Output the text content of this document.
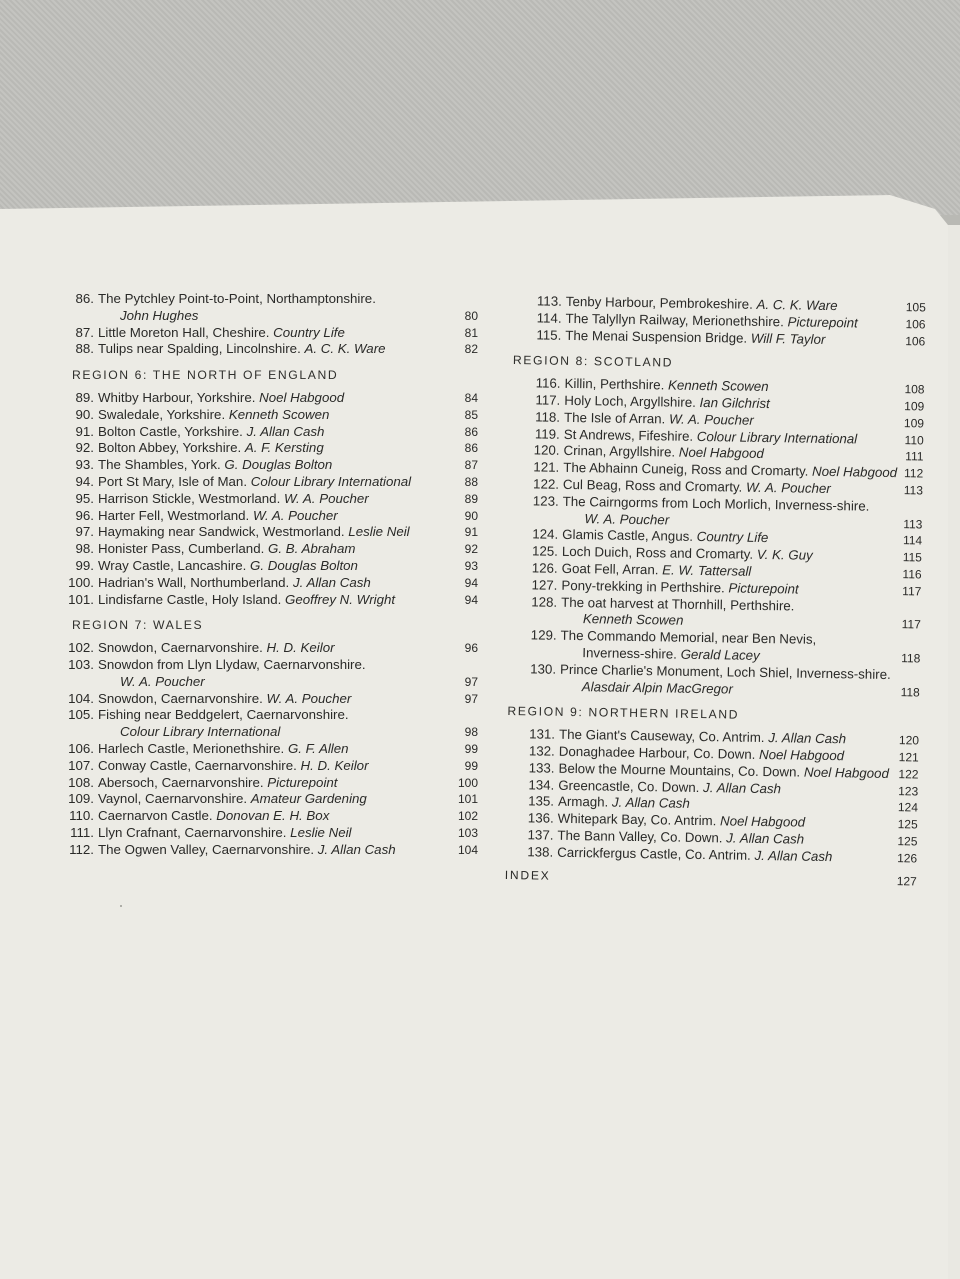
86. The Pytchley Point-to-Point, Northamptonshire.
John Hughes	80
87. Little Moreton Hall, Cheshire. Country Life	81
88. Tulips near Spalding, Lincolnshire. A. C. K. Ware	82
REGION 6: THE NORTH OF ENGLAND
89. Whitby Harbour, Yorkshire. Noel Habgood	84
90. Swaledale, Yorkshire. Kenneth Scowen	85
91. Bolton Castle, Yorkshire. J. Allan Cash	86
92. Bolton Abbey, Yorkshire. A. F. Kersting	86
93. The Shambles, York. G. Douglas Bolton	87
94. Port St Mary, Isle of Man. Colour Library International	88
95. Harrison Stickle, Westmorland. W. A. Poucher	89
96. Harter Fell, Westmorland. W. A. Poucher	90
97. Haymaking near Sandwick, Westmorland. Leslie Neil	91
98. Honister Pass, Cumberland. G. B. Abraham	92
99. Wray Castle, Lancashire. G. Douglas Bolton	93
100. Hadrian's Wall, Northumberland. J. Allan Cash	94
101. Lindisfarne Castle, Holy Island. Geoffrey N. Wright	94
REGION 7: WALES
102. Snowdon, Caernarvonshire. H. D. Keilor	96
103. Snowdon from Llyn Llydaw, Caernarvonshire.
W. A. Poucher	97
104. Snowdon, Caernarvonshire. W. A. Poucher	97
105. Fishing near Beddgelert, Caernarvonshire.
Colour Library International	98
106. Harlech Castle, Merionethshire. G. F. Allen	99
107. Conway Castle, Caernarvonshire. H. D. Keilor	99
108. Abersoch, Caernarvonshire. Picturepoint	100
109. Vaynol, Caernarvonshire. Amateur Gardening	101
110. Caernarvon Castle. Donovan E. H. Box	102
111. Llyn Crafnant, Caernarvonshire. Leslie Neil	103
112. The Ogwen Valley, Caernarvonshire. J. Allan Cash	104
113. Tenby Harbour, Pembrokeshire. A. C. K. Ware	105
114. The Talyllyn Railway, Merionethshire. Picturepoint	106
115. The Menai Suspension Bridge. Will F. Taylor	106
REGION 8: SCOTLAND
116. Killin, Perthshire. Kenneth Scowen	108
117. Holy Loch, Argyllshire. Ian Gilchrist	109
118. The Isle of Arran. W. A. Poucher	109
119. St Andrews, Fifeshire. Colour Library International	110
120. Crinan, Argyllshire. Noel Habgood	111
121. The Abhainn Cuneig, Ross and Cromarty. Noel Habgood 112
122. Cul Beag, Ross and Cromarty. W. A. Poucher	113
123. The Cairngorms from Loch Morlich, Inverness-shire.
W. A. Poucher	113
124. Glamis Castle, Angus. Country Life	114
125. Loch Duich, Ross and Cromarty. V. K. Guy	115
126. Goat Fell, Arran. E. W. Tattersall	116
127. Pony-trekking in Perthshire. Picturepoint	117
128. The oat harvest at Thornhill, Perthshire.
Kenneth Scowen	117
129. The Commando Memorial, near Ben Nevis,
Inverness-shire. Gerald Lacey	118
130. Prince Charlie's Monument, Loch Shiel, Inverness-shire.
Alasdair Alpin MacGregor	118
REGION 9: NORTHERN IRELAND
131. The Giant's Causeway, Co. Antrim. J. Allan Cash	120
132. Donaghadee Harbour, Co. Down. Noel Habgood	121
133. Below the Mourne Mountains, Co. Down. Noel Habgood 122
134. Greencastle, Co. Down. J. Allan Cash	123
135. Armagh. J. Allan Cash	124
136. Whitepark Bay, Co. Antrim. Noel Habgood	125
137. The Bann Valley, Co. Down. J. Allan Cash	125
138. Carrickfergus Castle, Co. Antrim. J. Allan Cash	126
INDEX	127
